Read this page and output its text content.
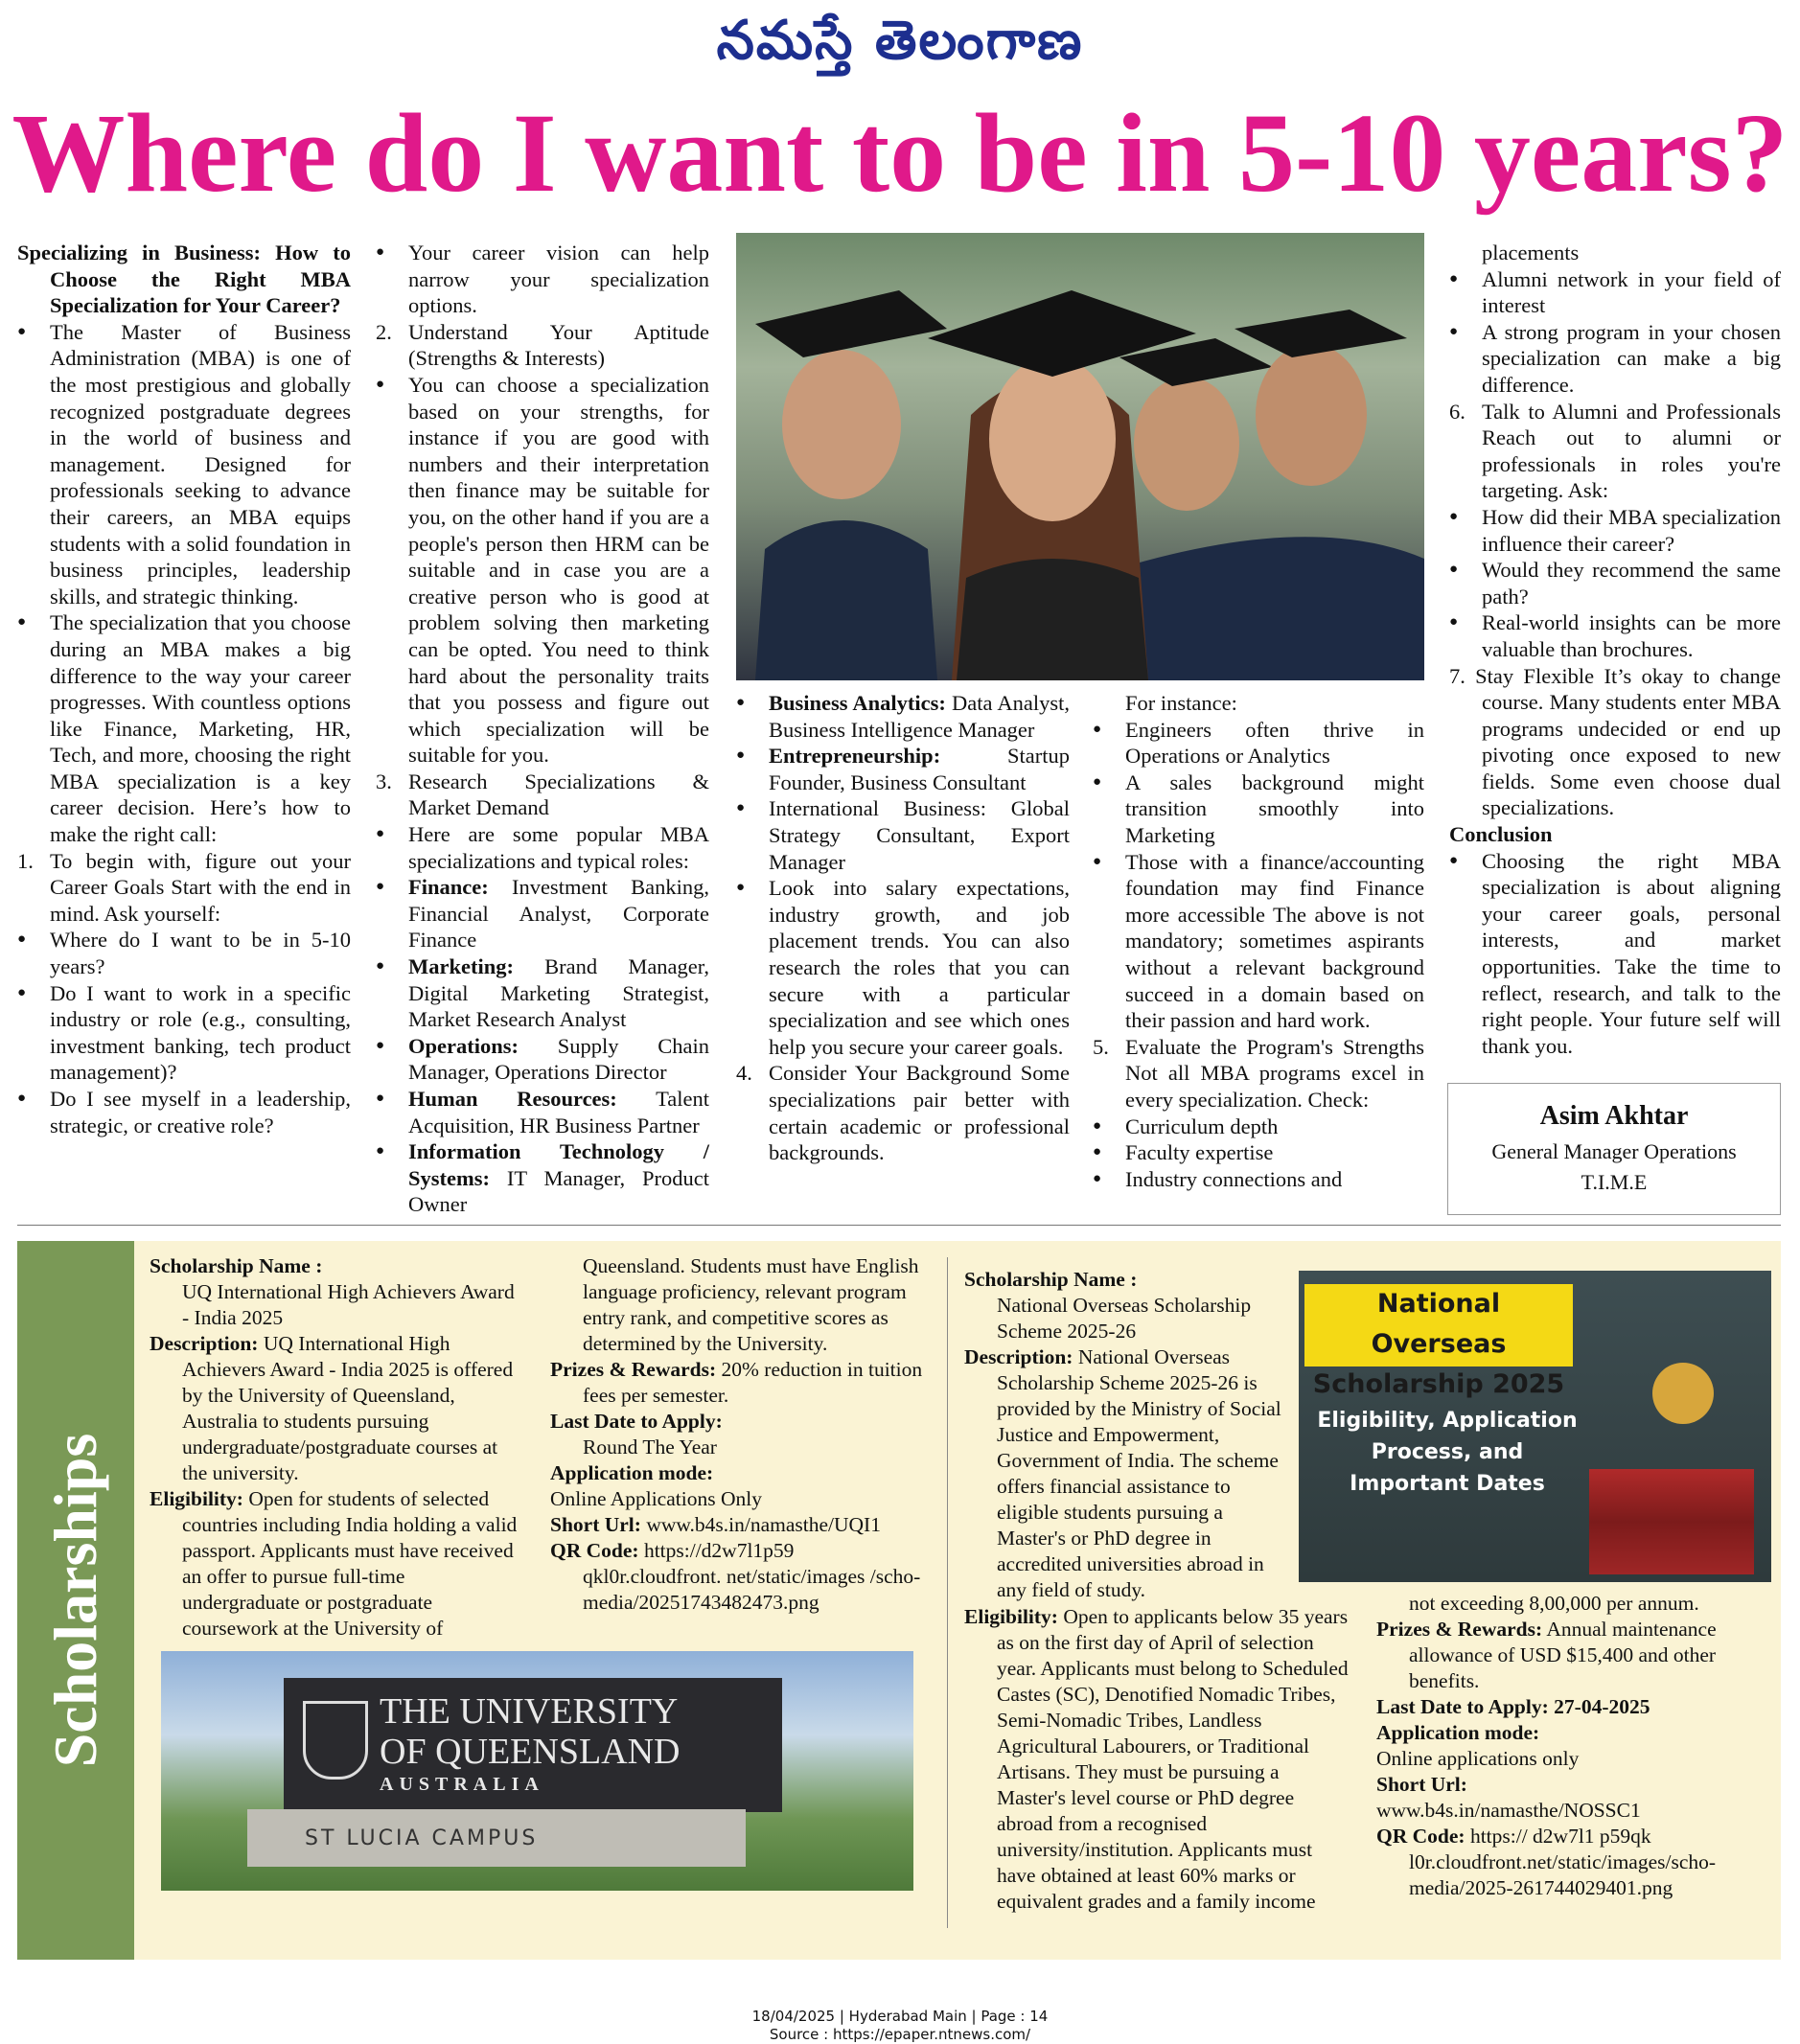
నమస్తే తెలంగాణ
Where do I want to be in 5-10 years?

Specializing in Business: How to Choose the Right MBA Specialization for Your Career?

●	The Master of Business Administration (MBA) is one of the most prestigious and globally recognized postgraduate degrees in the world of business and management. Designed for professionals seeking to advance their careers, an MBA equips students with a solid foundation in business principles, leadership skills, and strategic thinking.
●	The specialization that you choose during an MBA makes a big difference to the way your career progresses. With countless options like Finance, Marketing, HR, Tech, and more, choosing the right MBA specialization is a key career decision. Here’s how to make the right call:
1. To begin with, figure out your Career Goals Start with the end in mind. Ask yourself:
●	Where do I want to be in 5-10 years?
●	Do I want to work in a specific industry or role (e.g., consulting, investment banking, tech product management)?
●	Do I see myself in a leadership, strategic, or creative role?
●	Your career vision can help narrow your specialization options.
2. Understand Your Aptitude (Strengths & Interests)
●	You can choose a specialization based on your strengths, for instance if you are good with numbers and their interpretation then finance may be suitable for you, on the other hand if you are a people's person then HRM can be suitable and in case you are a creative person who is good at problem solving then marketing can be opted. You need to think hard about the personality traits that you possess and figure out which specialization will be suitable for you.
3. Research Specializations & Market Demand
●	Here are some popular MBA specializations and typical roles:
●	Finance: Investment Banking, Financial Analyst, Corporate Finance
●	Marketing: Brand Manager, Digital Marketing Strategist, Market Research Analyst
●	Operations: Supply Chain Manager, Operations Director
●	Human Resources: Talent Acquisition, HR Business Partner
●	Information Technology / Systems: IT Manager, Product Owner
●	Business Analytics: Data Analyst, Business Intelligence Manager
●	Entrepreneurship:	Startup Founder, Business Consultant
●	International Business: Global Strategy Consultant, Export Manager
●	Look into salary expectations, industry growth, and job placement trends. You can also research the roles that you can secure with a particular specialization and see which ones help you secure your career goals.
4. Consider Your Background Some specializations pair better with certain academic or professional backgrounds.

For instance:

●	Engineers often thrive in Operations or Analytics
●	A sales background might transition smoothly into Marketing
●	Those with a finance/accounting foundation may find Finance more accessible The above is not mandatory; sometimes aspirants without a relevant background succeed in a domain based on their passion and hard work.
5. Evaluate the Program's Strengths Not all MBA programs excel in every specialization. Check:
●	Curriculum depth
●	Faculty expertise
●	Industry connections and

placements

●	Alumni network in your field of interest
●	A strong program in your chosen specialization can make a big difference.
6. Talk to Alumni and Professionals Reach out to alumni or professionals in roles you're targeting. Ask:
●	How did their MBA specialization influence their career?
●	Would they recommend the same path?
●	Real-world insights can be more valuable than brochures.

7. Stay Flexible It’s okay to change course. Many students enter MBA programs undecided or end up pivoting once exposed to new fields. Some even choose dual specializations.

Conclusion

●	Choosing the right MBA specialization is about aligning your career goals, personal interests, and market opportunities. Take the time to reflect, research, and talk to the right people. Your future self will thank you.
Asim Akhtar
General Manager Operations
T.I.M.E
Scholarships

Scholarship Name :

UQ International High Achievers Award - India 2025

Description: UQ International High Achievers Award - India 2025 is offered by the University of Queensland, Australia to students pursuing undergraduate/postgraduate courses at the university.

Eligibility: Open for students of selected countries including India holding a valid passport. Applicants must have received an offer to pursue full-time undergraduate or postgraduate coursework at the University of

Queensland. Students must have English language proficiency, relevant program entry rank, and competitive scores as determined by the University.

Prizes & Rewards: 20% reduction in tuition fees per semester.

Last Date to Apply:

Round The Year

Application mode:

Online Applications Only

Short Url: www.b4s.in/namasthe/UQI1

QR Code: https://d2w7l1p59 qkl0r.cloudfront. net/static/images /scho-media/20251743482473.png

THE UNIVERSITY
OF QUEENSLAND
AUSTRALIA
ST LUCIA CAMPUS

Scholarship Name :

National Overseas Scholarship Scheme 2025-26

Description: National Overseas Scholarship Scheme 2025-26 is provided by the Ministry of Social Justice and Empowerment, Government of India. The scheme offers financial assistance to eligible students pursuing a Master's or PhD degree in accredited universities abroad in any field of study.

National Overseas Scholarship 2025
Eligibility, Application Process, and Important Dates

Eligibility: Open to applicants below 35 years as on the first day of April of selection year. Applicants must belong to Scheduled Castes (SC), Denotified Nomadic Tribes, Semi-Nomadic Tribes, Landless Agricultural Labourers, or Traditional Artisans. They must be pursuing a Master's level course or PhD degree abroad from a recognised university/institution. Applicants must have obtained at least 60% marks or equivalent grades and a family income

not exceeding 8,00,000 per annum.

Prizes & Rewards: Annual maintenance allowance of USD $15,400 and other benefits.

Last Date to Apply: 27-04-2025

Application mode:

Online applications only

Short Url:

www.b4s.in/namasthe/NOSSC1

QR Code: https:// d2w7l1 p59qk l0r.cloudfront.net/static/images/scho-media/2025-261744029401.png

18/04/2025 | Hyderabad Main | Page : 14
Source : https://epaper.ntnews.com/
